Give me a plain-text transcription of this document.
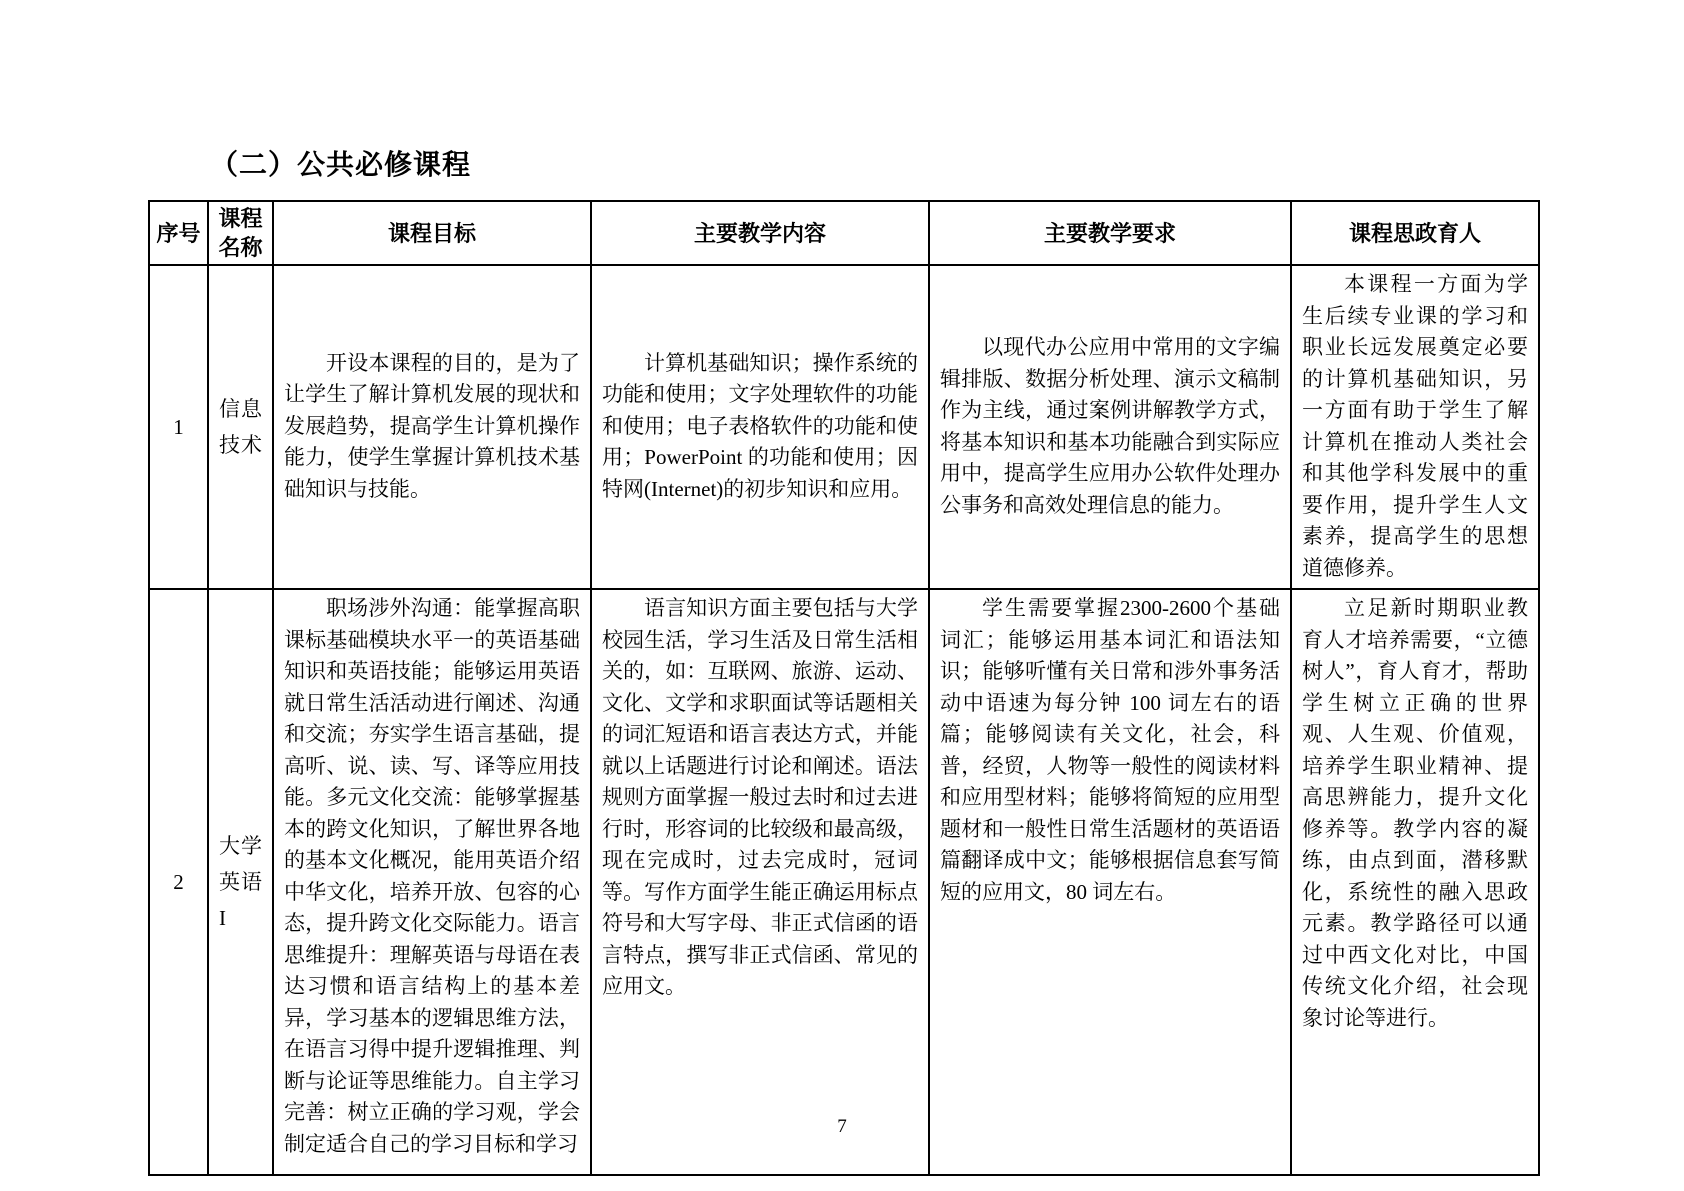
（二）公共必修课程
序号	课程名称	课程目标	主要教学内容	主要教学要求	课程思政育人
1	信息技术	开设本课程的目的，是为了让学生了解计算机发展的现状和发展趋势，提高学生计算机操作能力，使学生掌握计算机技术基础知识与技能。	计算机基础知识；操作系统的功能和使用；文字处理软件的功能和使用；电子表格软件的功能和使用；PowerPoint 的功能和使用；因特网(Internet)的初步知识和应用。	以现代办公应用中常用的文字编辑排版、数据分析处理、演示文稿制作为主线，通过案例讲解教学方式，将基本知识和基本功能融合到实际应用中，提高学生应用办公软件处理办公事务和高效处理信息的能力。	本课程一方面为学生后续专业课的学习和职业长远发展奠定必要的计算机基础知识，另一方面有助于学生了解计算机在推动人类社会和其他学科发展中的重要作用，提升学生人文素养，提高学生的思想道德修养。
2	大学英语I	职场涉外沟通：能掌握高职课标基础模块水平一的英语基础知识和英语技能；能够运用英语就日常生活活动进行阐述、沟通和交流；夯实学生语言基础，提高听、说、读、写、译等应用技能。多元文化交流：能够掌握基本的跨文化知识，了解世界各地的基本文化概况，能用英语介绍中华文化，培养开放、包容的心态，提升跨文化交际能力。语言思维提升：理解英语与母语在表达习惯和语言结构上的基本差异，学习基本的逻辑思维方法，在语言习得中提升逻辑推理、判断与论证等思维能力。自主学习完善：树立正确的学习观，学会制定适合自己的学习目标和学习	语言知识方面主要包括与大学校园生活，学习生活及日常生活相关的，如：互联网、旅游、运动、文化、文学和求职面试等话题相关的词汇短语和语言表达方式，并能就以上话题进行讨论和阐述。语法规则方面掌握一般过去时和过去进行时，形容词的比较级和最高级，现在完成时，过去完成时，冠词等。写作方面学生能正确运用标点符号和大写字母、非正式信函的语言特点，撰写非正式信函、常见的应用文。	学生需要掌握2300-2600个基础词汇；能够运用基本词汇和语法知识；能够听懂有关日常和涉外事务活动中语速为每分钟 100 词左右的语篇；能够阅读有关文化，社会，科普，经贸，人物等一般性的阅读材料和应用型材料；能够将简短的应用型题材和一般性日常生活题材的英语语篇翻译成中文；能够根据信息套写简短的应用文，80 词左右。	立足新时期职业教育人才培养需要，“立德树人”，育人育才，帮助学生树立正确的世界观、人生观、价值观，培养学生职业精神、提高思辨能力，提升文化修养等。教学内容的凝练，由点到面，潜移默化，系统性的融入思政元素。教学路径可以通过中西文化对比，中国传统文化介绍，社会现象讨论等进行。
7
